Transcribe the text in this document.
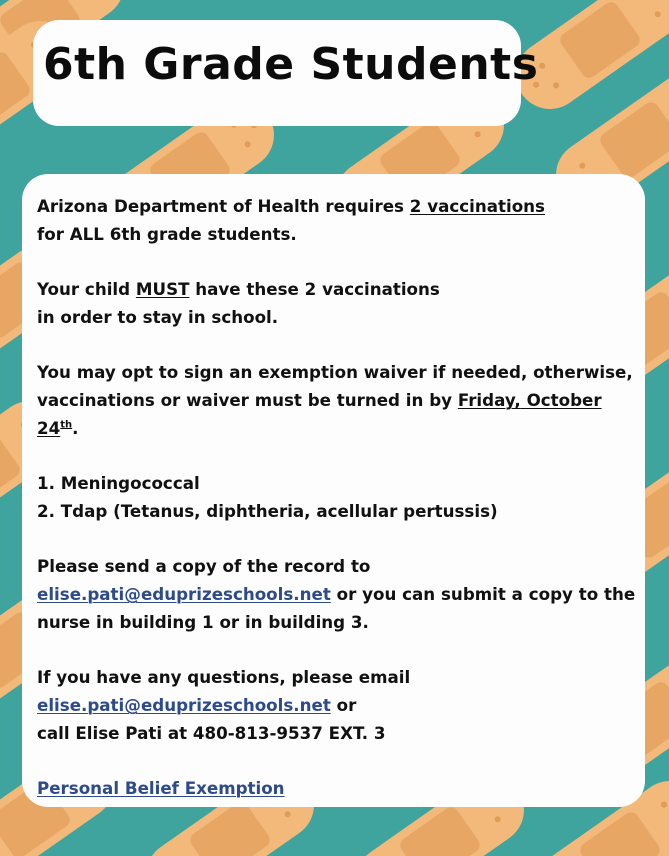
6th Grade Students

Arizona Department of Health requires 2 vaccinations
for ALL 6th grade students.

Your child MUST have these 2 vaccinations
in order to stay in school.

You may opt to sign an exemption waiver if needed, otherwise,
vaccinations or waiver must be turned in by Friday, October 24th.

1. Meningococcal
2. Tdap (Tetanus, diphtheria, acellular pertussis)

Please send a copy of the record to
elise.pati@eduprizeschools.net or you can submit a copy to the
nurse in building 1 or in building 3.

If you have any questions, please email
elise.pati@eduprizeschools.net or
call Elise Pati at 480-813-9537 EXT. 3

Personal Belief Exemption
